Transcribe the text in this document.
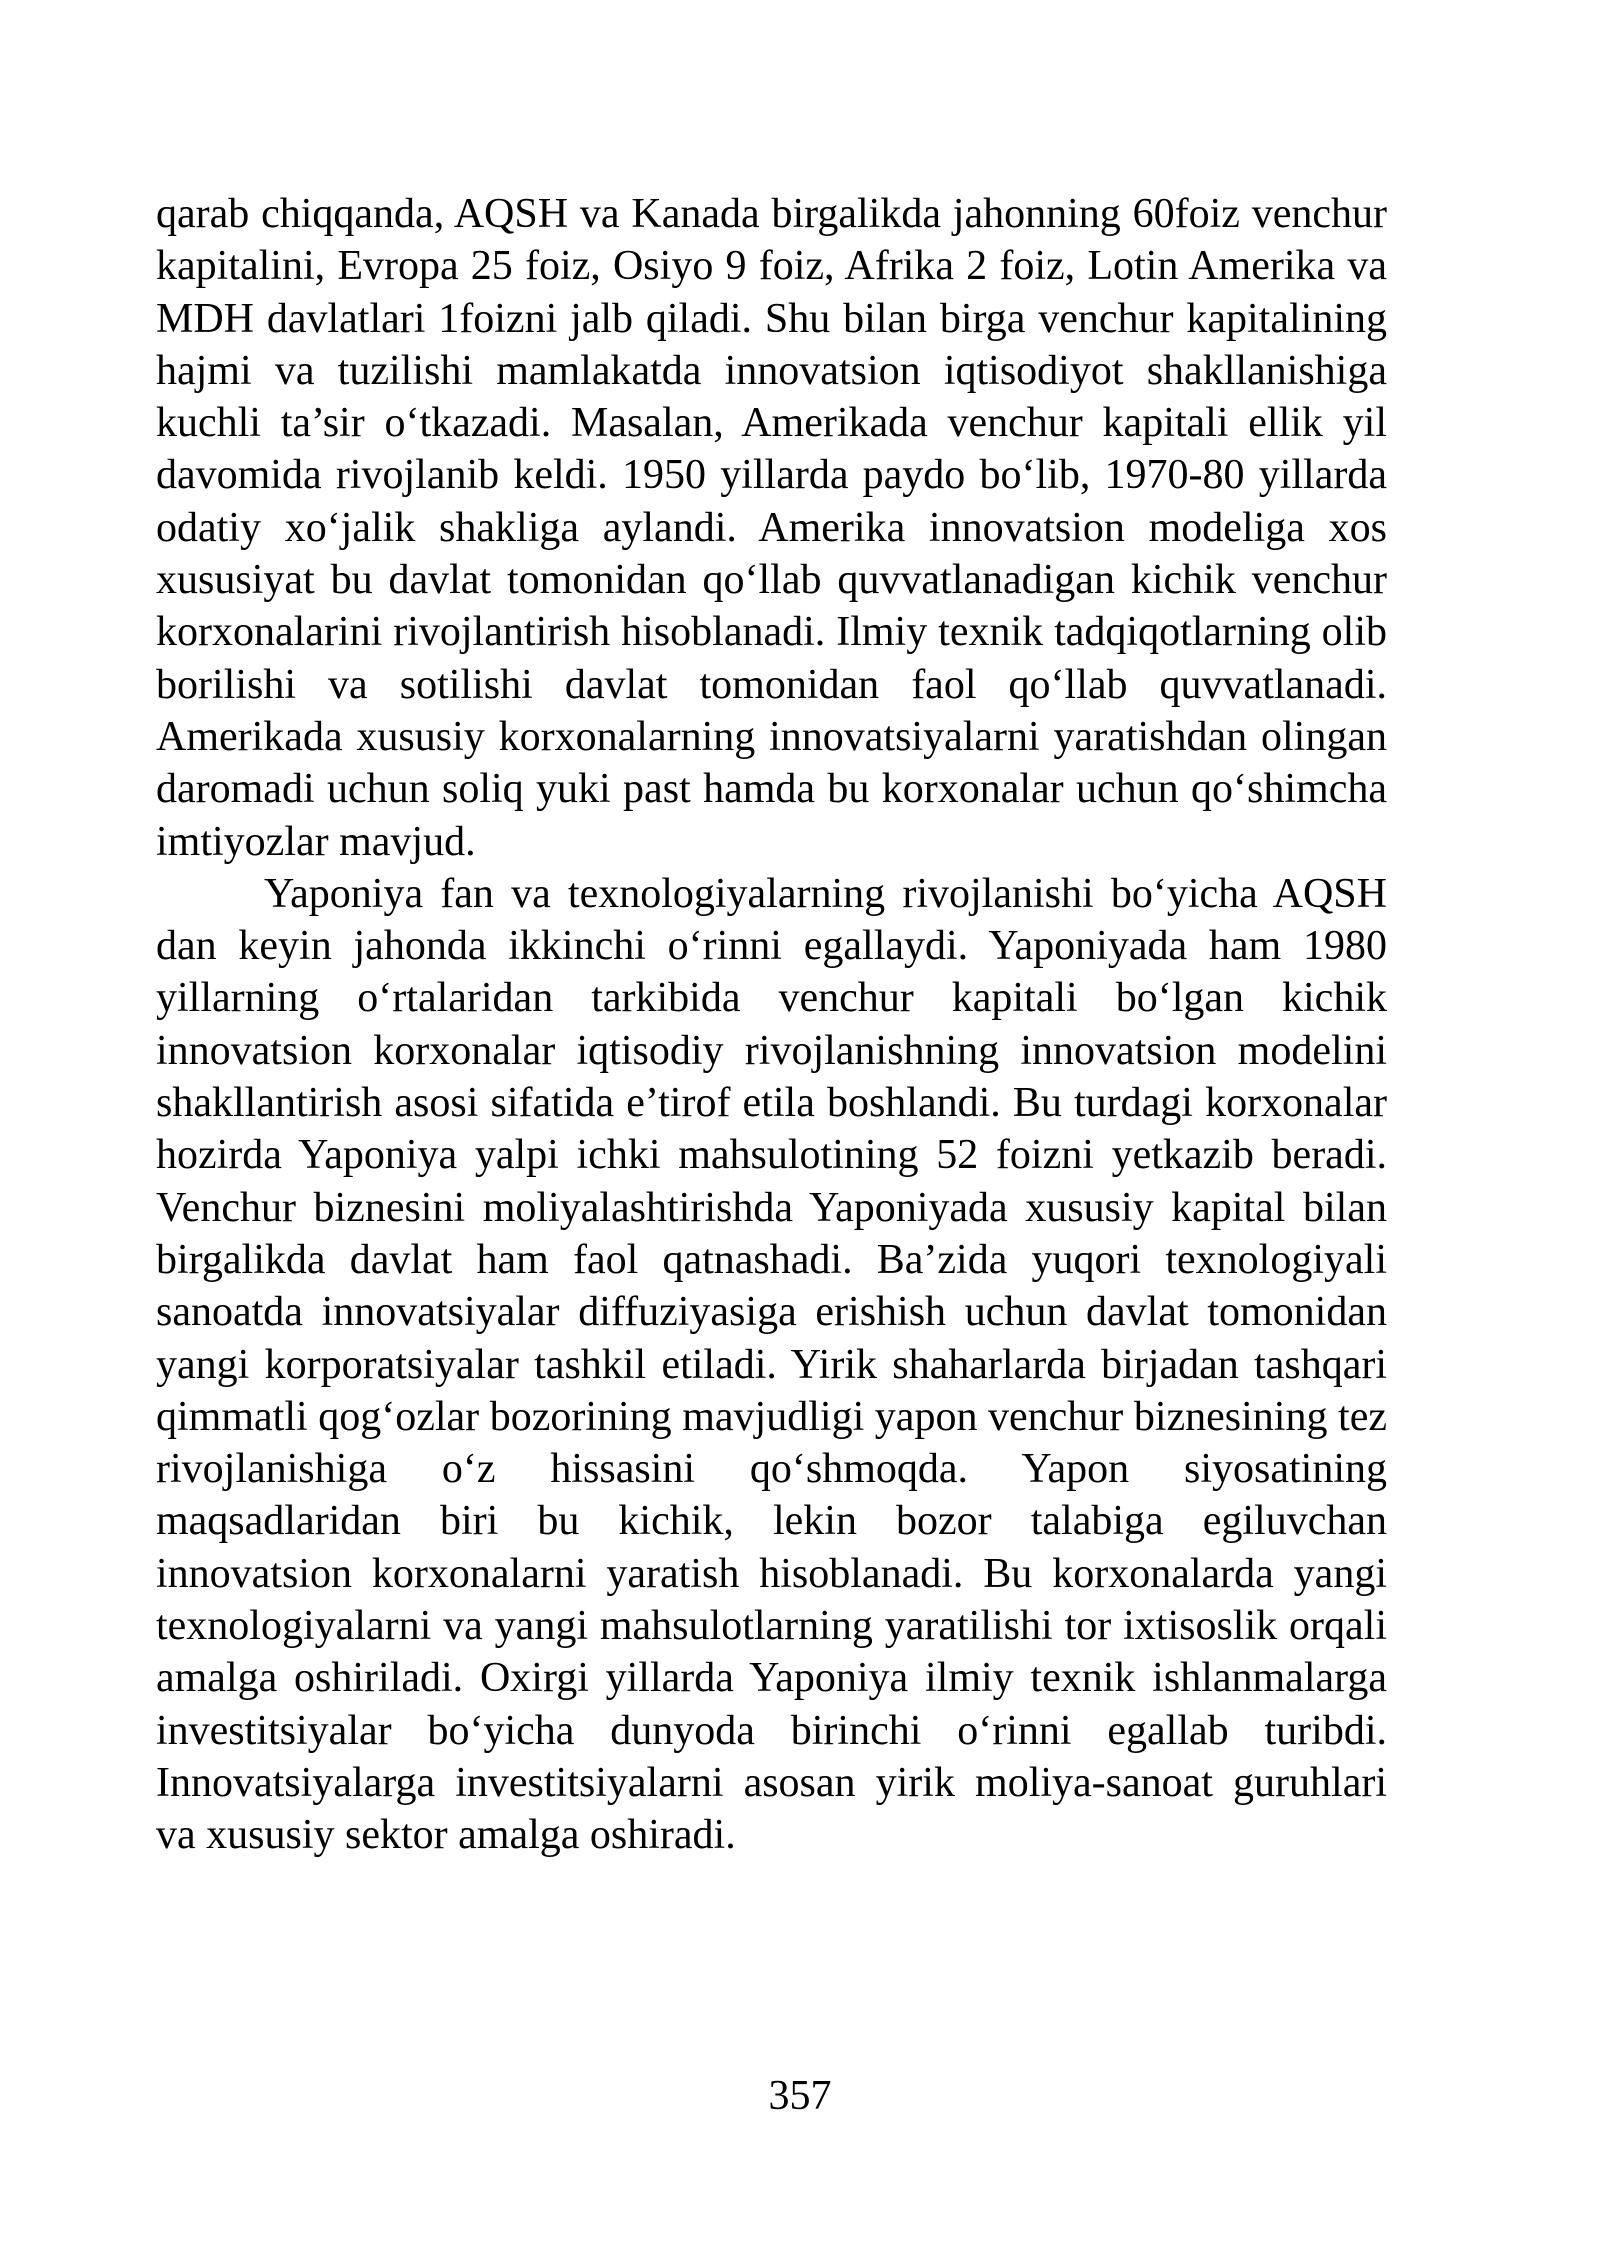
qarab chiqqanda, AQSH va Kanada birgalikda jahonning 60foiz venchur kapitalini, Evropa 25 foiz, Osiyo 9 foiz, Afrika 2 foiz, Lotin Amerika va MDH davlatlari 1foizni jalb qiladi. Shu bilan birga venchur kapitalining hajmi va tuzilishi mamlakatda innovatsion iqtisodiyot shakllanishiga kuchli ta’sir o‘tkazadi. Masalan, Amerikada venchur kapitali ellik yil davomida rivojlanib keldi. 1950 yillarda paydo bo‘lib, 1970-80 yillarda odatiy xo‘jalik shakliga aylandi. Amerika innovatsion modeliga xos xususiyat bu davlat tomonidan qo‘llab quvvatlanadigan kichik venchur korxonalarini rivojlantirish hisoblanadi. Ilmiy texnik tadqiqotlarning olib borilishi va sotilishi davlat tomonidan faol qo‘llab quvvatlanadi. Amerikada xususiy korxonalarning innovatsiyalarni yaratishdan olingan daromadi uchun soliq yuki past hamda bu korxonalar uchun qo‘shimcha imtiyozlar mavjud.

Yaponiya fan va texnologiyalarning rivojlanishi bo‘yicha AQSH dan keyin jahonda ikkinchi o‘rinni egallaydi. Yaponiyada ham 1980 yillarning o‘rtalaridan tarkibida venchur kapitali bo‘lgan kichik innovatsion korxonalar iqtisodiy rivojlanishning innovatsion modelini shakllantirish asosi sifatida e’tirof etila boshlandi. Bu turdagi korxonalar hozirda Yaponiya yalpi ichki mahsulotining 52 foizni yetkazib beradi. Venchur biznesini moliyalashtirishda Yaponiyada xususiy kapital bilan birgalikda davlat ham faol qatnashadi. Ba’zida yuqori texnologiyali sanoatda innovatsiyalar diffuziyasiga erishish uchun davlat tomonidan yangi korporatsiyalar tashkil etiladi. Yirik shaharlarda birjadan tashqari qimmatli qog‘ozlar bozorining mavjudligi yapon venchur biznesining tez rivojlanishiga o‘z hissasini qo‘shmoqda. Yapon siyosatining maqsadlaridan biri bu kichik, lekin bozor talabiga egiluvchan innovatsion korxonalarni yaratish hisoblanadi. Bu korxonalarda yangi texnologiyalarni va yangi mahsulotlarning yaratilishi tor ixtisoslik orqali amalga oshiriladi. Oxirgi yillarda Yaponiya ilmiy texnik ishlanmalarga investitsiyalar bo‘yicha dunyoda birinchi o‘rinni egallab turibdi. Innovatsiyalarga investitsiyalarni asosan yirik moliya-sanoat guruhlari va xususiy sektor amalga oshiradi.

357
